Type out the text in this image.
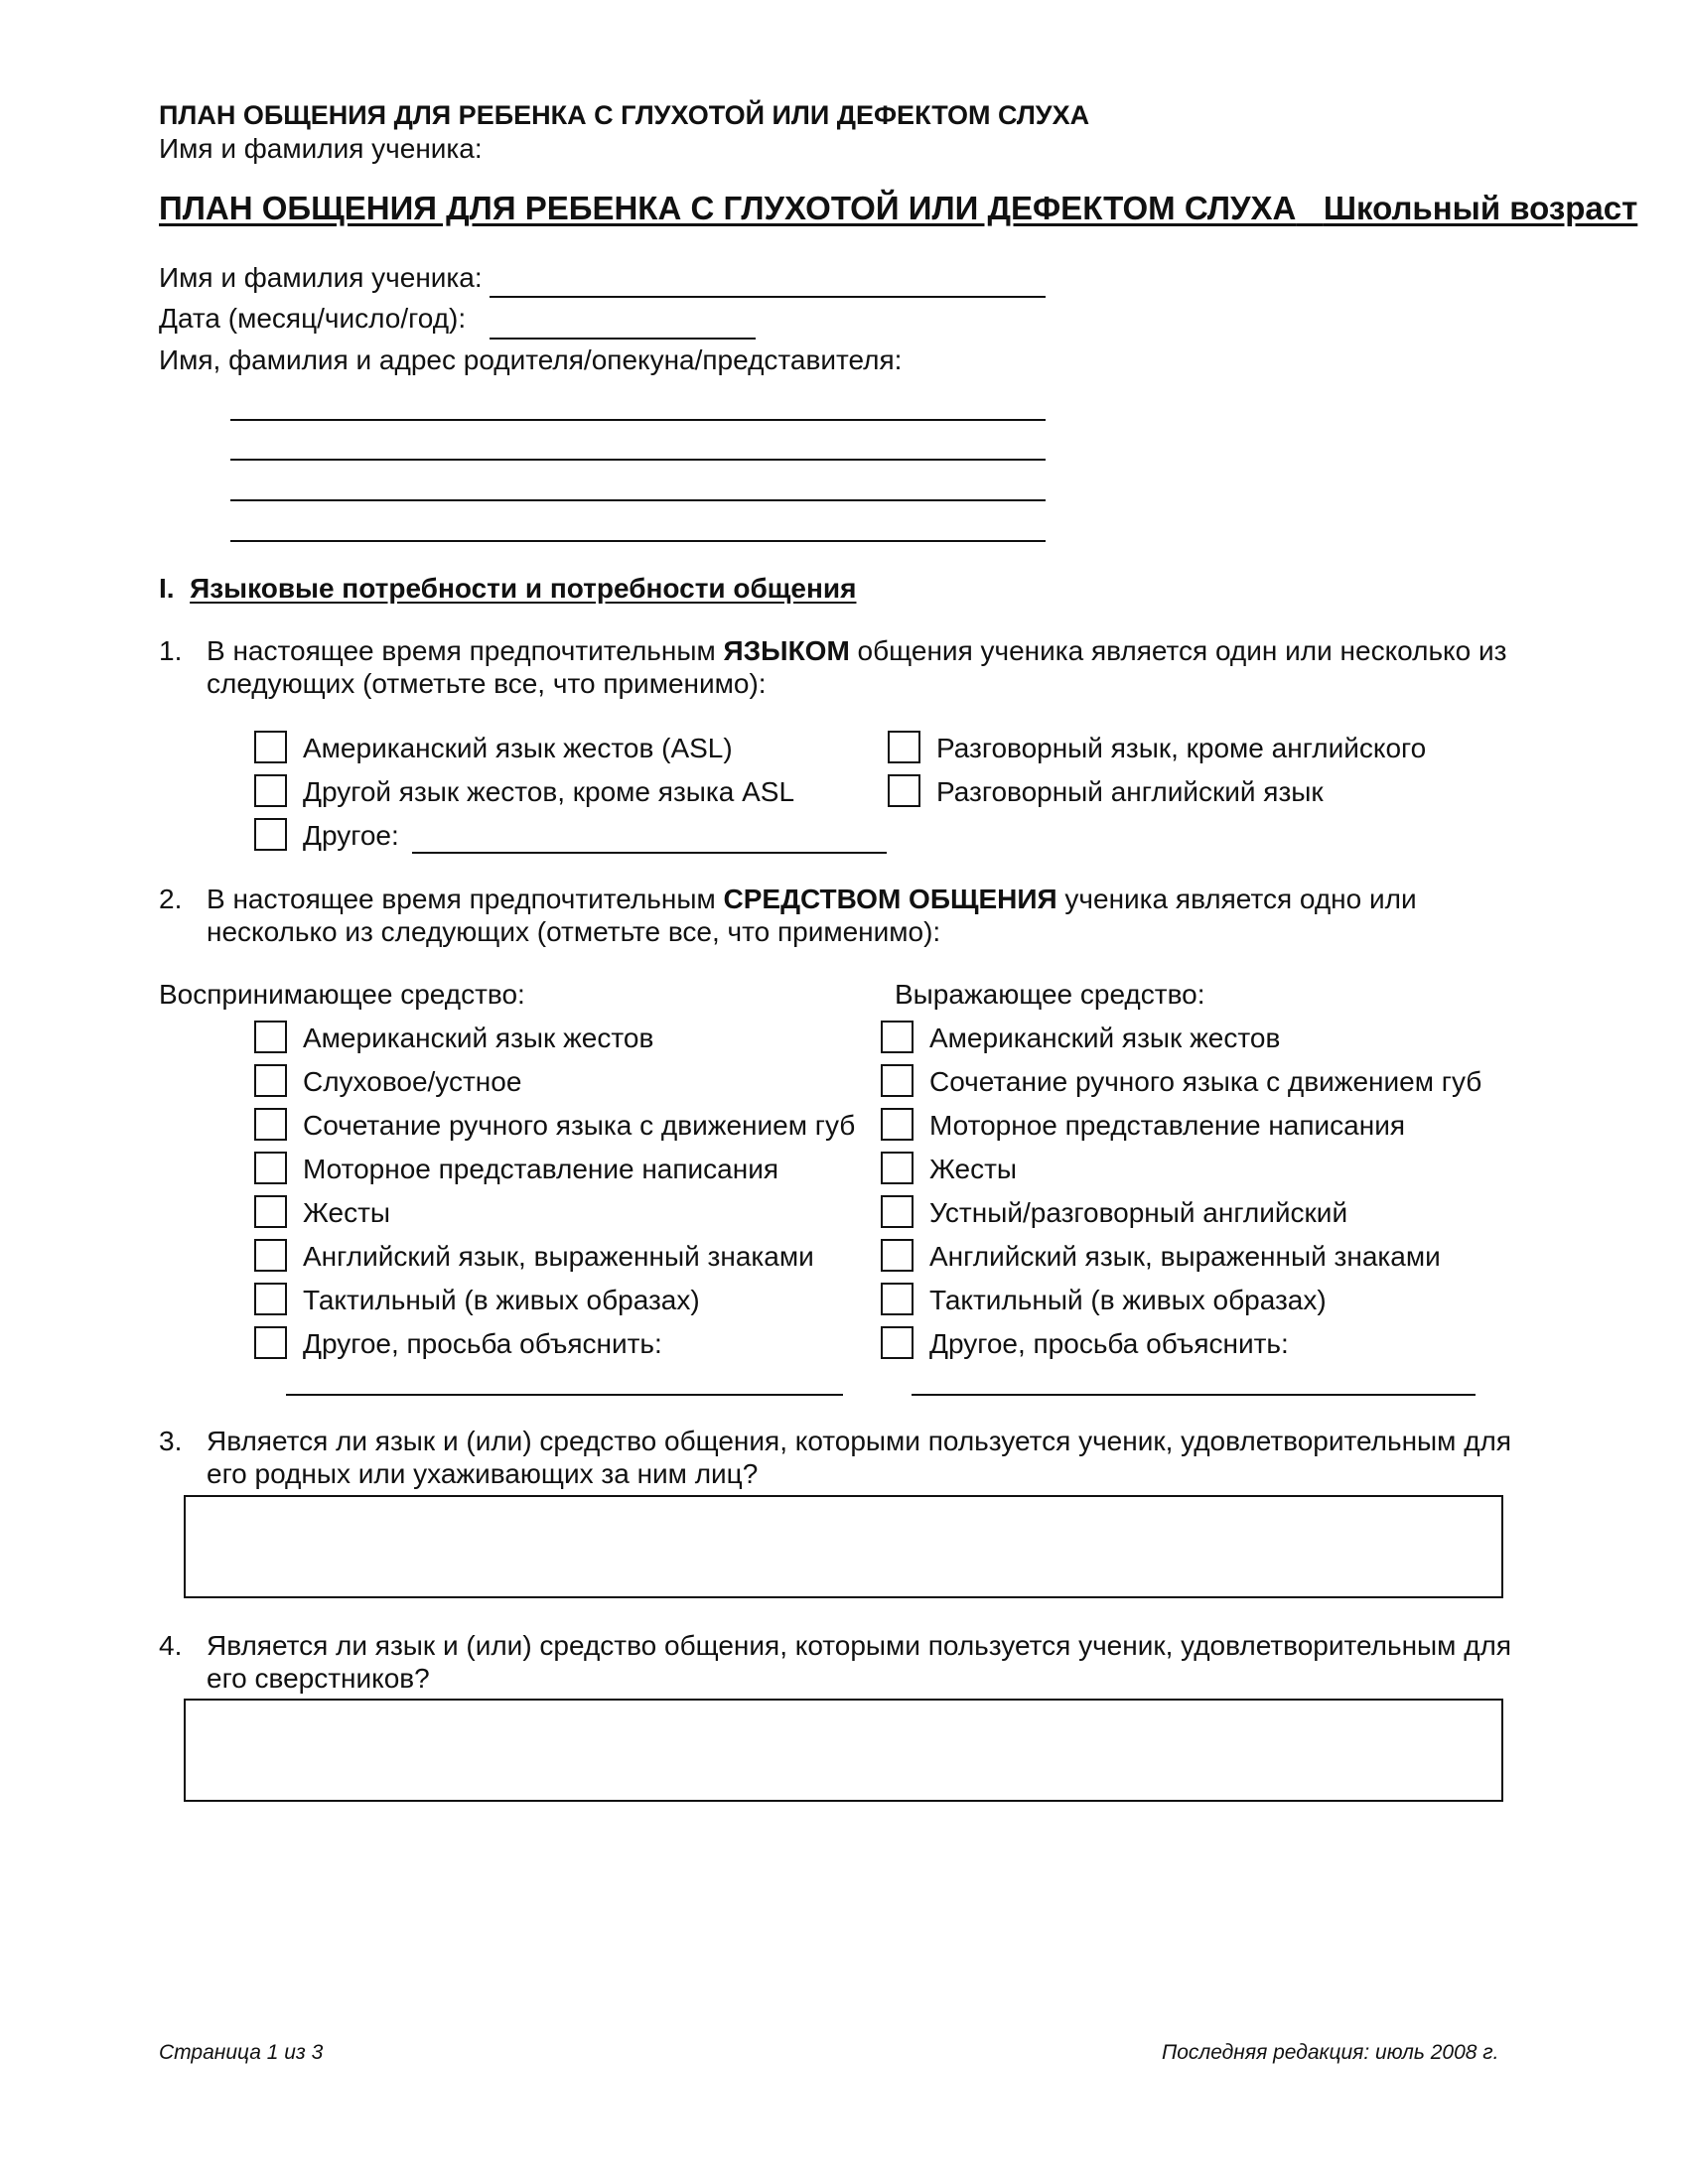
ПЛАН ОБЩЕНИЯ ДЛЯ РЕБЕНКА С ГЛУХОТОЙ ИЛИ ДЕФЕКТОМ СЛУХА
Имя и фамилия ученика:
ПЛАН ОБЩЕНИЯ ДЛЯ РЕБЕНКА С ГЛУХОТОЙ ИЛИ ДЕФЕКТОМ СЛУХА Школьный возраст
Имя и фамилия ученика:
Дата (месяц/число/год):
Имя, фамилия и адрес родителя/опекуна/представителя:
I. Языковые потребности и потребности общения
1. В настоящее время предпочтительным ЯЗЫКОМ общения ученика является один или несколько из
следующих (отметьте все, что применимо):
Американский язык жестов (ASL)
Другой язык жестов, кроме языка ASL
Другое:
Разговорный язык, кроме английского
Разговорный английский язык
2. В настоящее время предпочтительным СРЕДСТВОМ ОБЩЕНИЯ ученика является одно или
несколько из следующих (отметьте все, что применимо):
Воспринимающее средство:	Выражающее средство:
Американский язык жестов
Слуховое/устное
Сочетание ручного языка с движением губ
Моторное представление написания
Жесты
Английский язык, выраженный знаками
Тактильный (в живых образах)
Другое, просьба объяснить:
Американский язык жестов
Сочетание ручного языка с движением губ
Моторное представление написания
Жесты
Устный/разговорный английский
Английский язык, выраженный знаками
Тактильный (в живых образах)
Другое, просьба объяснить:
3. Является ли язык и (или) средство общения, которыми пользуется ученик, удовлетворительным для
его родных или ухаживающих за ним лиц?
4. Является ли язык и (или) средство общения, которыми пользуется ученик, удовлетворительным для
его сверстников?
Страница 1 из 3	Последняя редакция: июль 2008 г.
